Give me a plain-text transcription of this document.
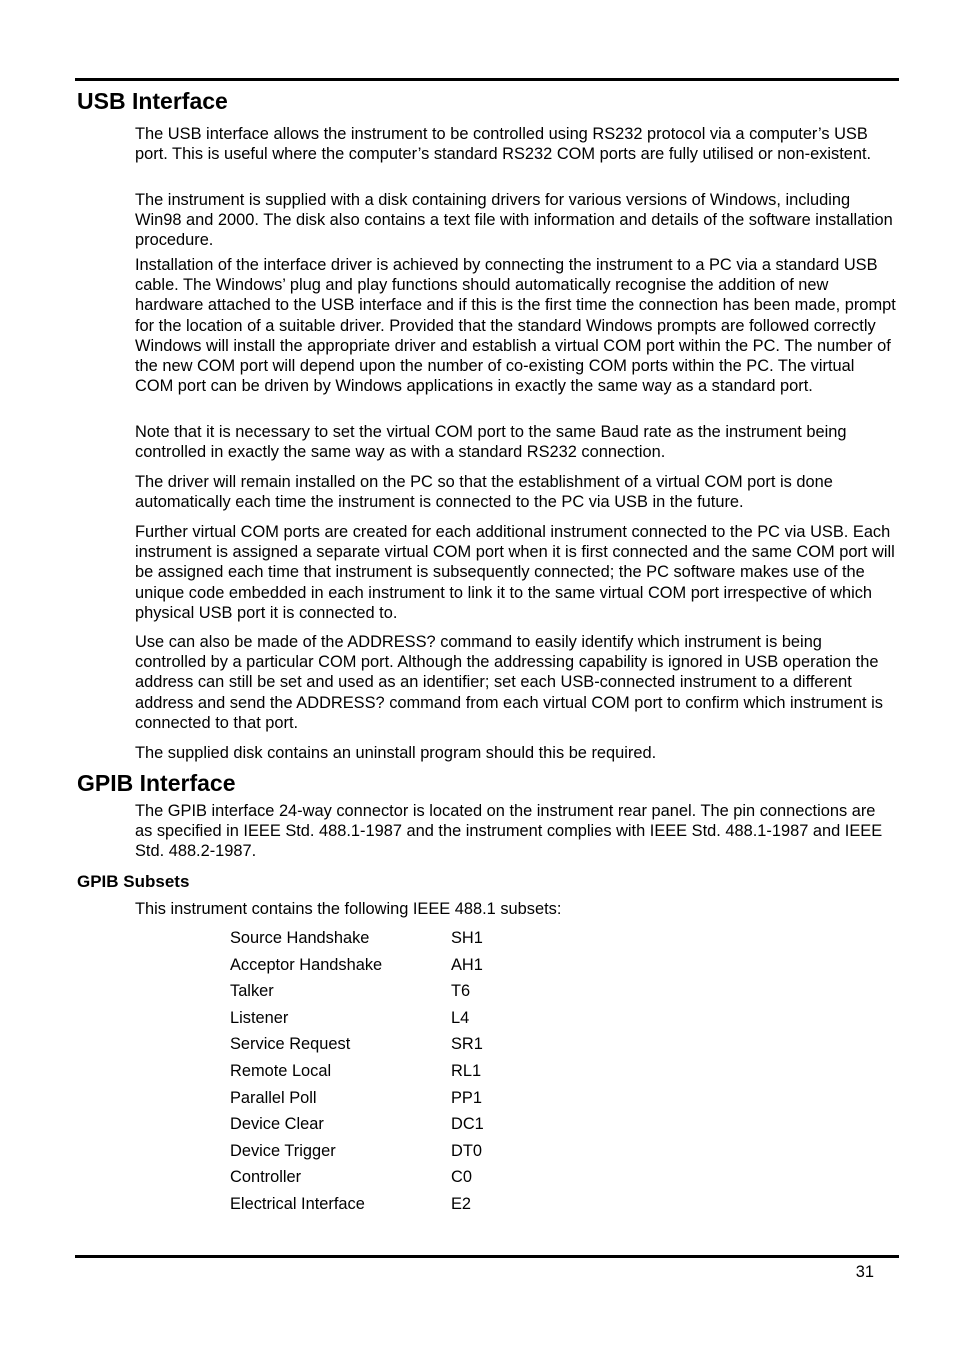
USB Interface

The USB interface allows the instrument to be controlled using RS232 protocol via a computer’s USB port. This is useful where the computer’s standard RS232 COM ports are fully utilised or non-existent.

The instrument is supplied with a disk containing drivers for various versions of Windows, including Win98 and 2000. The disk also contains a text file with information and details of the software installation procedure.

Installation of the interface driver is achieved by connecting the instrument to a PC via a standard USB cable. The Windows’ plug and play functions should automatically recognise the addition of new hardware attached to the USB interface and if this is the first time the connection has been made, prompt for the location of a suitable driver. Provided that the standard Windows prompts are followed correctly Windows will install the appropriate driver and establish a virtual COM port within the PC. The number of the new COM port will depend upon the number of co-existing COM ports within the PC. The virtual COM port can be driven by Windows applications in exactly the same way as a standard port.

Note that it is necessary to set the virtual COM port to the same Baud rate as the instrument being controlled in exactly the same way as with a standard RS232 connection.

The driver will remain installed on the PC so that the establishment of a virtual COM port is done automatically each time the instrument is connected to the PC via USB in the future.

Further virtual COM ports are created for each additional instrument connected to the PC via USB. Each instrument is assigned a separate virtual COM port when it is first connected and the same COM port will be assigned each time that instrument is subsequently connected; the PC software makes use of the unique code embedded in each instrument to link it to the same virtual COM port irrespective of which physical USB port it is connected to.

Use can also be made of the ADDRESS? command to easily identify which instrument is being controlled by a particular COM port. Although the addressing capability is ignored in USB operation the address can still be set and used as an identifier; set each USB-connected instrument to a different address and send the ADDRESS? command from each virtual COM port to confirm which instrument is connected to that port.

The supplied disk contains an uninstall program should this be required.

GPIB Interface

The GPIB interface 24-way connector is located on the instrument rear panel. The pin connections are as specified in IEEE Std. 488.1-1987 and the instrument complies with IEEE Std. 488.1-1987 and IEEE Std. 488.2-1987.

GPIB Subsets

This instrument contains the following IEEE 488.1 subsets:

Source Handshake	SH1
Acceptor Handshake	AH1
Talker	T6
Listener	L4
Service Request	SR1
Remote Local	RL1
Parallel Poll	PP1
Device Clear	DC1
Device Trigger	DT0
Controller	C0
Electrical Interface	E2
31
